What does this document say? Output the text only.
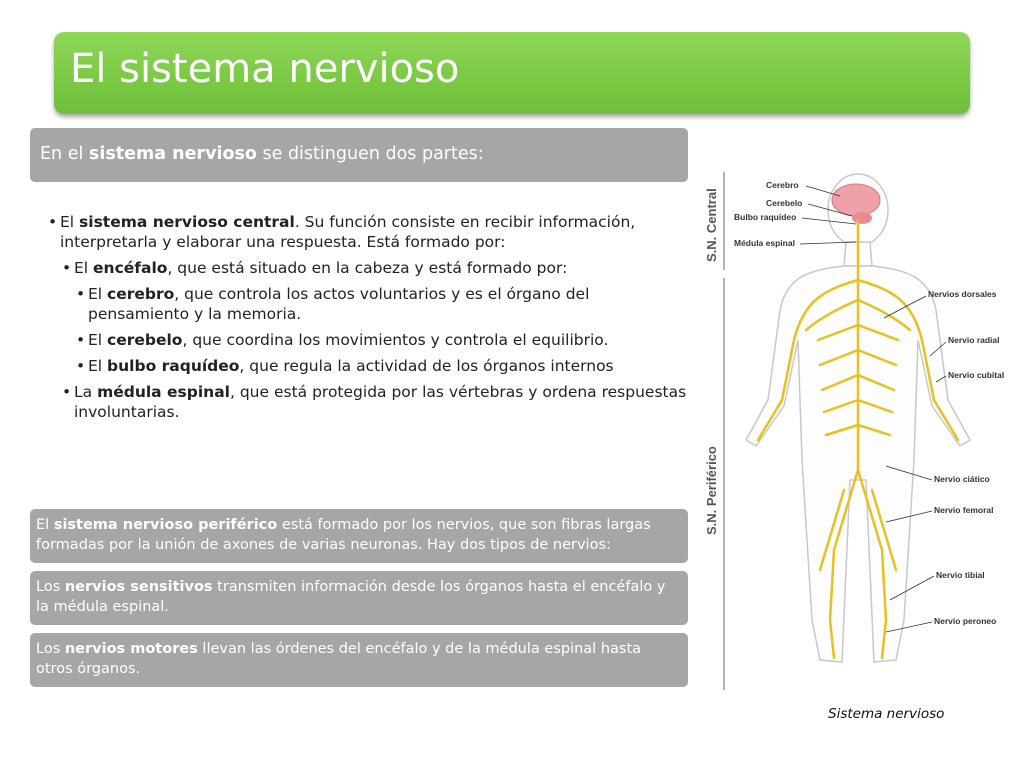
El sistema nervioso
En el sistema nervioso se distinguen dos partes:
• El sistema nervioso central. Su función consiste en recibir información, interpretarla y elaborar una respuesta. Está formado por:
• El encéfalo, que está situado en la cabeza y está formado por:
• El cerebro, que controla los actos voluntarios y es el órgano del pensamiento y la memoria.
• El cerebelo, que coordina los movimientos y controla el equilibrio.
• El bulbo raquídeo, que regula la actividad de los órganos internos
• La médula espinal, que está protegida por las vértebras y ordena respuestas involuntarias.
El sistema nervioso periférico está formado por los nervios, que son fibras largas formadas por la unión de axones de varias neuronas. Hay dos tipos de nervios:
Los nervios sensitivos transmiten información desde los órganos hasta el encéfalo y la médula espinal.
Los nervios motores llevan las órdenes del encéfalo y de la médula espinal hasta otros órganos.
S.N. Central
S.N. Periférico
Cerebro
Cerebelo
Bulbo raquídeo
Médula espinal
Nervios dorsales
Nervio radial
Nervio cubital
Nervio ciático
Nervio femoral
Nervio tibial
Nervio peroneo
Sistema nervioso
